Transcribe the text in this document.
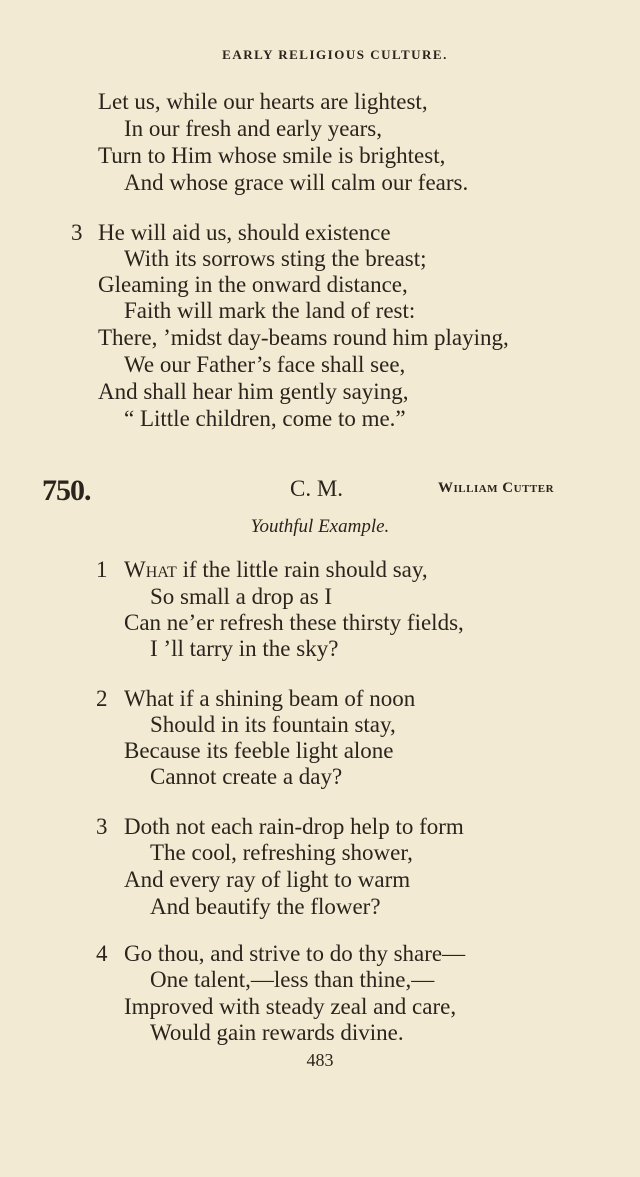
EARLY RELIGIOUS CULTURE.
Let us, while our hearts are lightest,
In our fresh and early years,
Turn to Him whose smile is brightest,
And whose grace will calm our fears.
3 He will aid us, should existence
With its sorrows sting the breast;
Gleaming in the onward distance,
Faith will mark the land of rest:
There, ’midst day-beams round him playing,
We our Father’s face shall see,
And shall hear him gently saying,
“ Little children, come to me.”
750.	C. M.	William Cutter
Youthful Example.
1 What if the little rain should say,
So small a drop as I
Can ne’er refresh these thirsty fields,
I ’ll tarry in the sky?
2 What if a shining beam of noon
Should in its fountain stay,
Because its feeble light alone
Cannot create a day?
3 Doth not each rain-drop help to form
The cool, refreshing shower,
And every ray of light to warm
And beautify the flower?
4 Go thou, and strive to do thy share—
One talent,—less than thine,—
Improved with steady zeal and care,
Would gain rewards divine.
483
